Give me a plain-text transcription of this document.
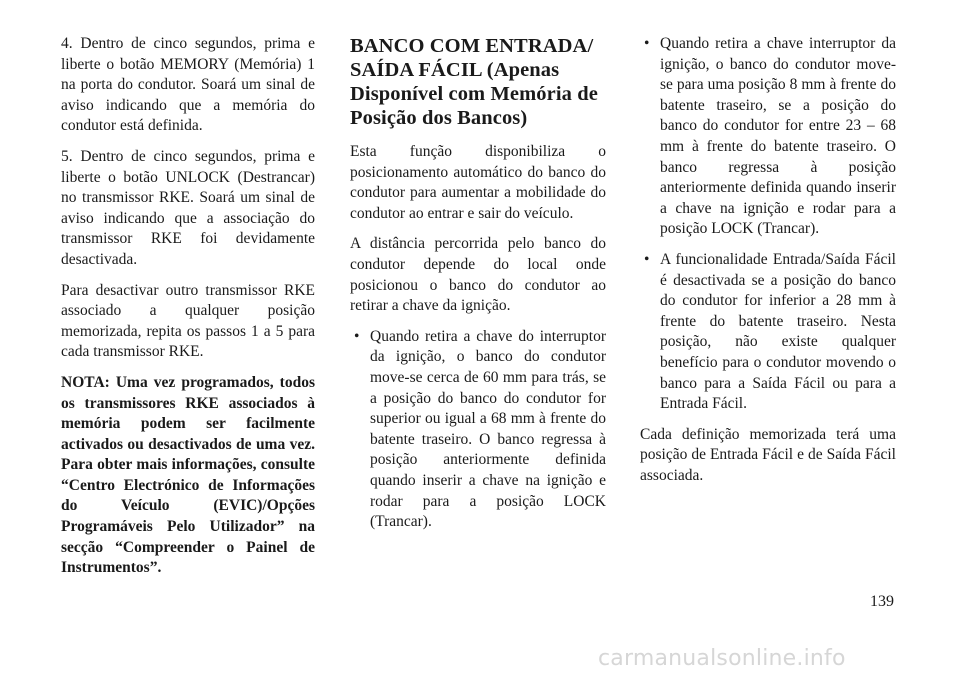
4. Dentro de cinco segundos, prima e liberte o botão MEMORY (Memória) 1 na porta do condutor. Soará um sinal de aviso indicando que a memória do condutor está definida.

5. Dentro de cinco segundos, prima e liberte o botão UNLOCK (Destrancar) no transmissor RKE. Soará um sinal de aviso indicando que a associação do transmissor RKE foi devidamente desactivada.

Para desactivar outro transmissor RKE associado a qualquer posição memorizada, repita os passos 1 a 5 para cada transmissor RKE.

NOTA: Uma vez programados, todos os transmissores RKE associados à memória podem ser facilmente activados ou desactivados de uma vez. Para obter mais informações, consulte “Centro Electrónico de Informações do Veículo (EVIC)/Opções Programáveis Pelo Utilizador” na secção “Compreender o Painel de Instrumentos”.

BANCO COM ENTRADA/ SAÍDA FÁCIL (Apenas Disponível com Memória de Posição dos Bancos)

Esta função disponibiliza o posicionamento automático do banco do condutor para aumentar a mobilidade do condutor ao entrar e sair do veículo.

A distância percorrida pelo banco do condutor depende do local onde posicionou o banco do condutor ao retirar a chave da ignição.

• Quando retira a chave do interruptor da ignição, o banco do condutor move-se cerca de 60 mm para trás, se a posição do banco do condutor for superior ou igual a 68 mm à frente do batente traseiro. O banco regressa à posição anteriormente definida quando inserir a chave na ignição e rodar para a posição LOCK (Trancar).
• Quando retira a chave interruptor da ignição, o banco do condutor move-se para uma posição 8 mm à frente do batente traseiro, se a posição do banco do condutor for entre 23 – 68 mm à frente do batente traseiro. O banco regressa à posição anteriormente definida quando inserir a chave na ignição e rodar para a posição LOCK (Trancar).
• A funcionalidade Entrada/Saída Fácil é desactivada se a posição do banco do condutor for inferior a 28 mm à frente do batente traseiro. Nesta posição, não existe qualquer benefício para o condutor movendo o banco para a Saída Fácil ou para a Entrada Fácil.

Cada definição memorizada terá uma posição de Entrada Fácil e de Saída Fácil associada.

139
carmanualsonline.info
